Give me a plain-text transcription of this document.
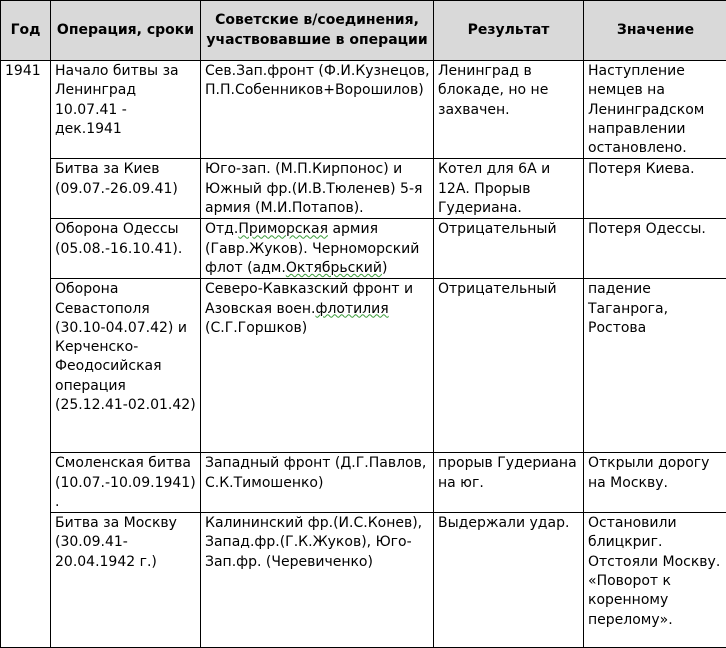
Год	Операция, сроки	Советские в/соединения, участвовавшие в операции	Результат	Значение
1941	Начало битвы за Ленинград 10.07.41 - дек.1941	Сев.Зап.фронт (Ф.И.Кузнецов, П.П.Собенников+Ворошилов)	Ленинград в блокаде, но не захвачен.	Наступление немцев на Ленинградском направлении остановлено.
	Битва за Киев (09.07.-26.09.41)	Юго-зап. (М.П.Кирпонос) и Южный фр.(И.В.Тюленев) 5-я армия (М.И.Потапов).	Котел для 6А и 12А. Прорыв Гудериана.	Потеря Киева.
	Оборона Одессы (05.08.-16.10.41).	Отд.Приморская армия (Гавр.Жуков). Черноморский флот (адм.Октябрьский)	Отрицательный	Потеря Одессы.
	Оборона Севастополя (30.10-04.07.42) и Керченско-Феодосийская операция (25.12.41-02.01.42)	Северо-Кавказский фронт и Азовская воен.флотилия (С.Г.Горшков)	Отрицательный	падение Таганрога, Ростова
	Смоленская битва (10.07.-10.09.1941).	Западный фронт (Д.Г.Павлов, С.К.Тимошенко)	прорыв Гудериана на юг.	Открыли дорогу на Москву.
	Битва за Москву (30.09.41-20.04.1942 г.)	Калининский фр.(И.С.Конев), Запад.фр.(Г.К.Жуков), Юго-Зап.фр. (Черевиченко)	Выдержали удар.	Остановили блицкриг. Отстояли Москву. «Поворот к коренному перелому».
